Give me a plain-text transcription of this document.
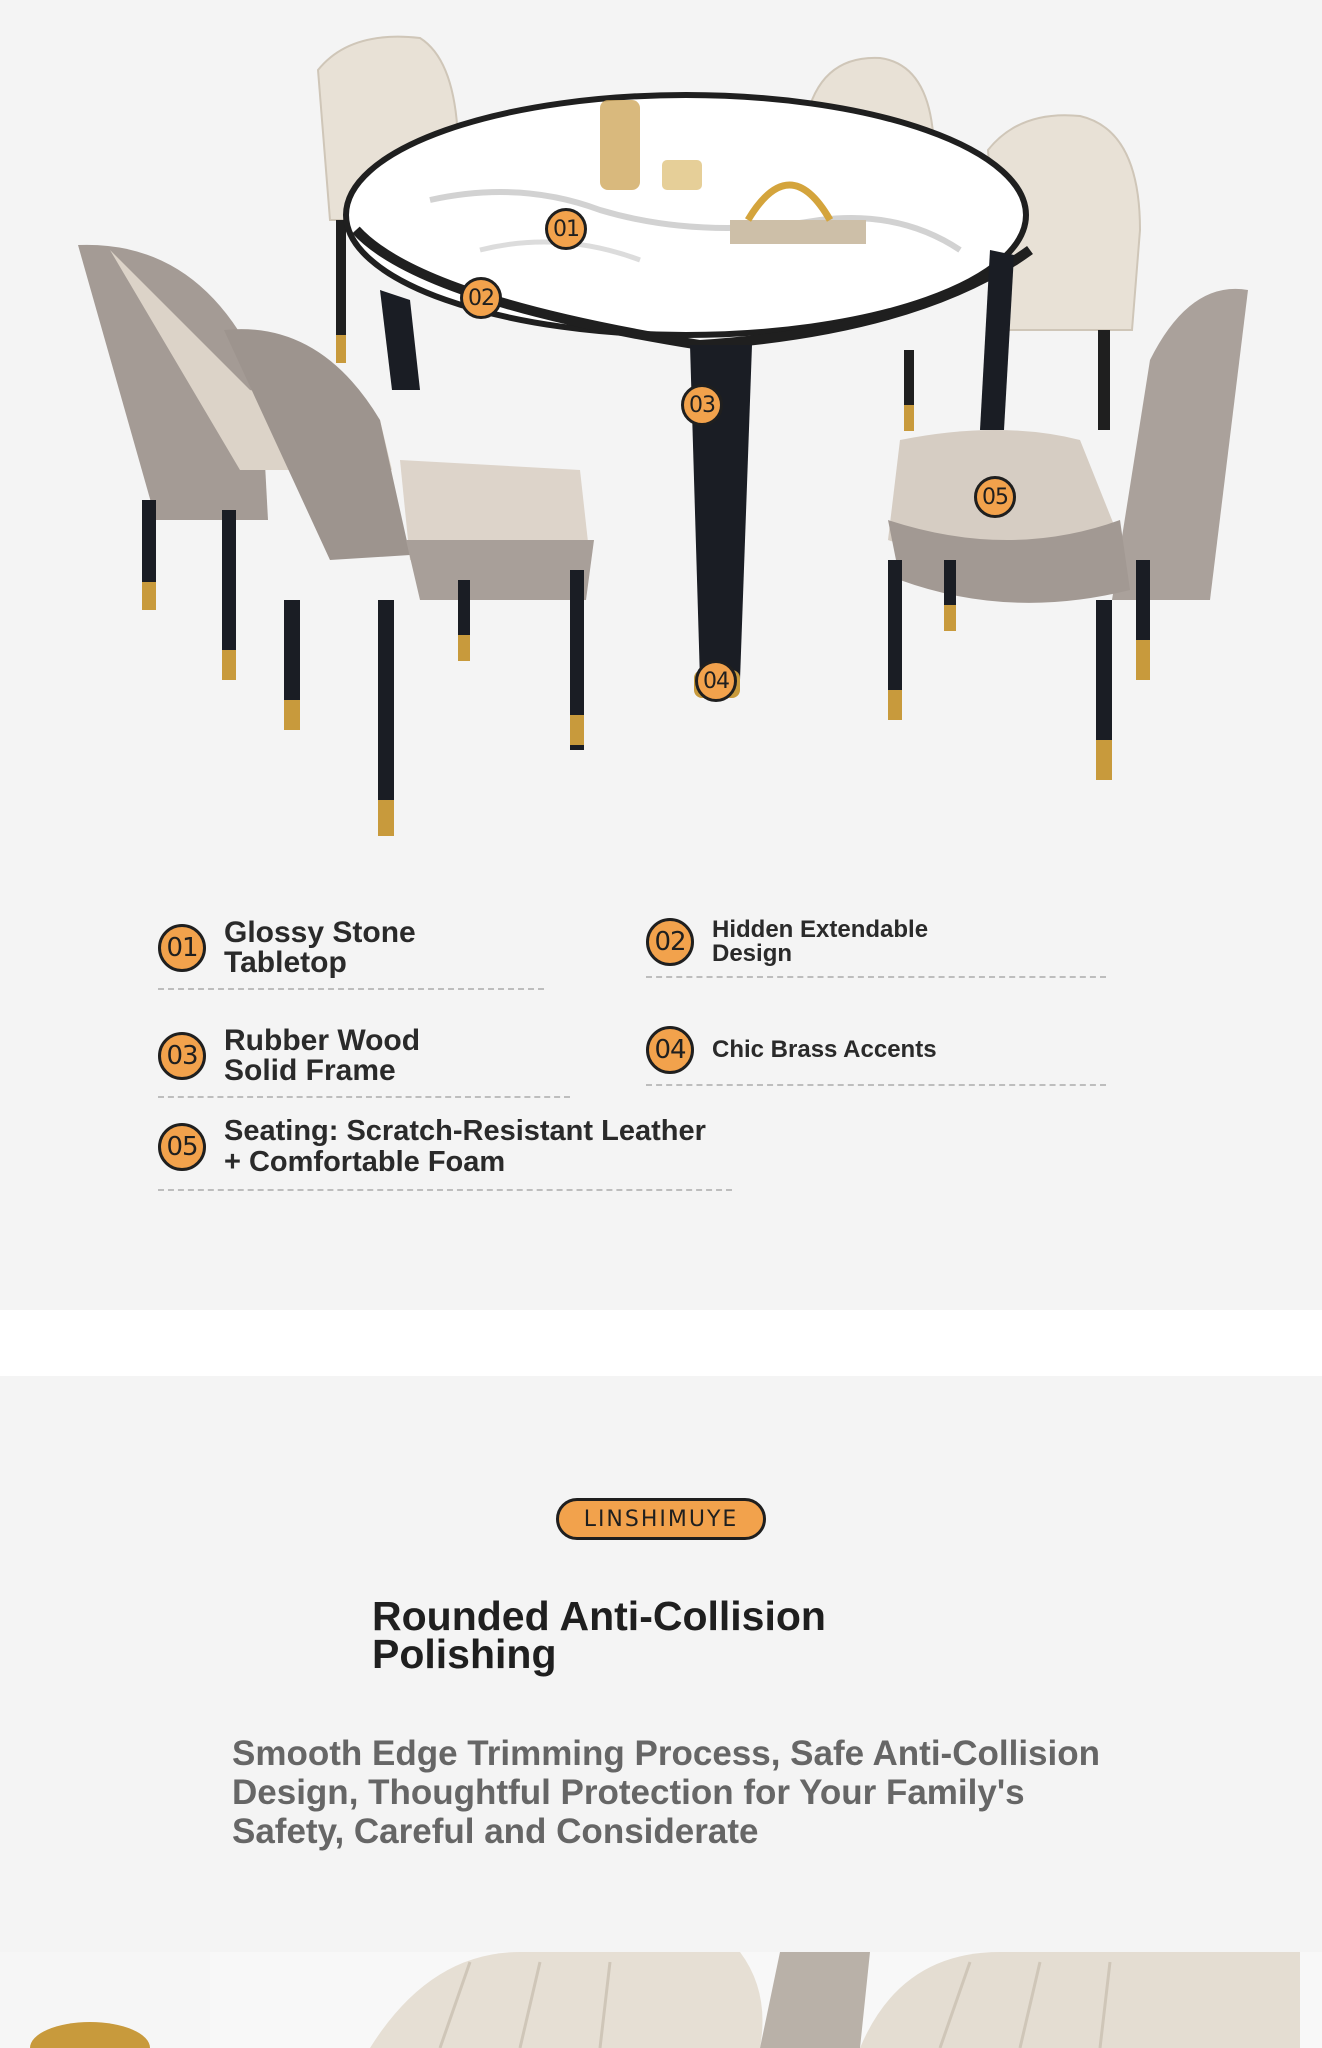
01
02
03
04
05
01 Glossy Stone Tabletop
02	Hidden Extendable Design
03 Rubber Wood Solid Frame
04	Chic Brass Accents
05
Seating: Scratch-Resistant Leather + Comfortable Foam
LINSHIMUYE
Rounded Anti-Collision Polishing
Smooth Edge Trimming Process, Safe Anti-Collision Design, Thoughtful Protection for Your Family's Safety, Careful and Considerate
